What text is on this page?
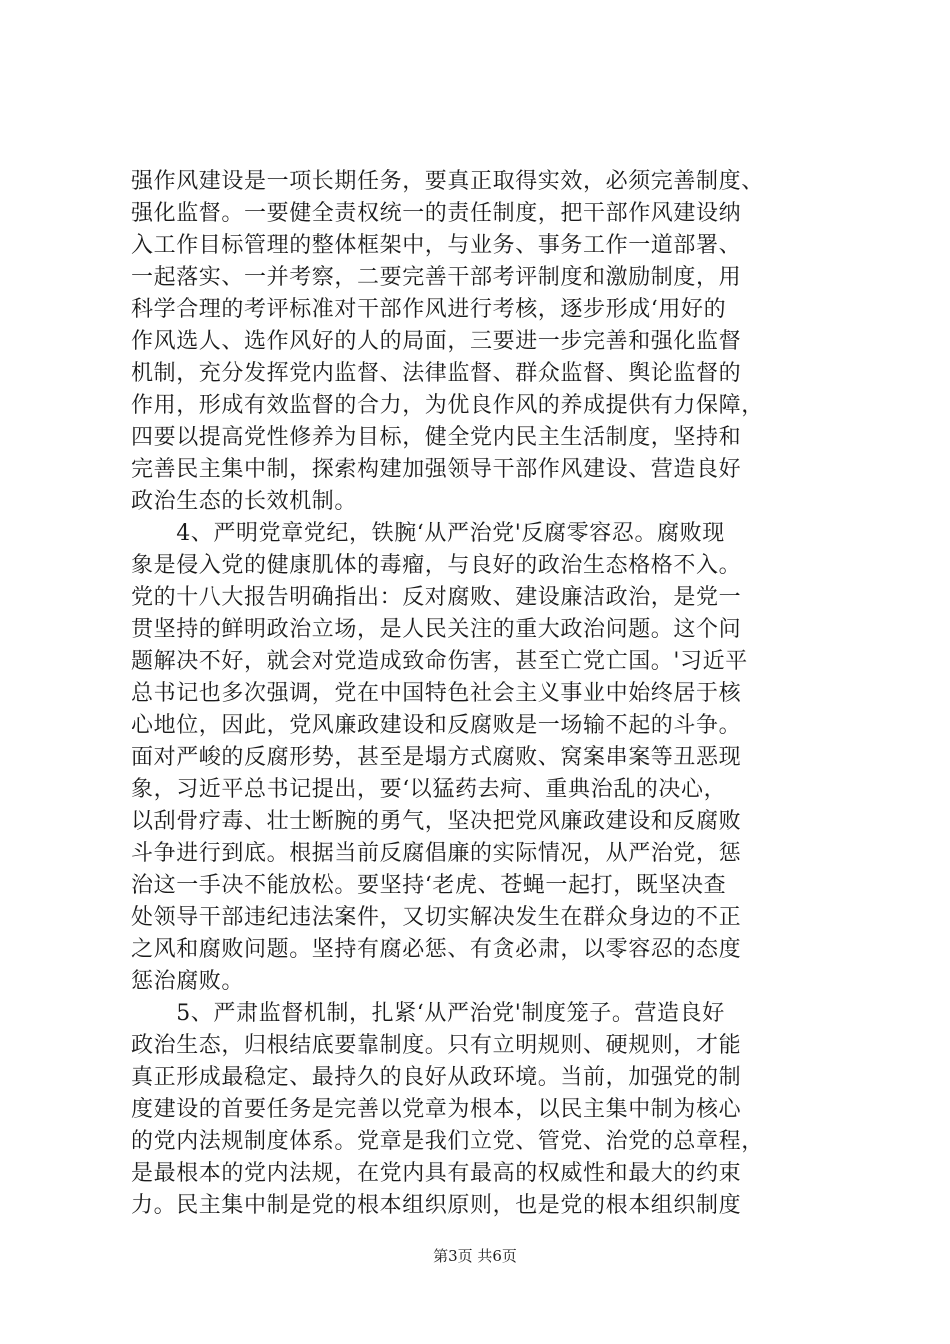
强作风建设是一项长期任务，要真正取得实效，必须完善制度、
强化监督。一要健全责权统一的责任制度，把干部作风建设纳
入工作目标管理的整体框架中，与业务、事务工作一道部署、
一起落实、一并考察，二要完善干部考评制度和激励制度，用
科学合理的考评标准对干部作风进行考核，逐步形成‘用好的
作风选人、选作风好的人的局面，三要进一步完善和强化监督
机制，充分发挥党内监督、法律监督、群众监督、舆论监督的
作用，形成有效监督的合力，为优良作风的养成提供有力保障，
四要以提高党性修养为目标，健全党内民主生活制度，坚持和
完善民主集中制，探索构建加强领导干部作风建设、营造良好
政治生态的长效机制。
　　4、严明党章党纪，铁腕‘从严治党'反腐零容忍。腐败现
象是侵入党的健康肌体的毒瘤，与良好的政治生态格格不入。
党的十八大报告明确指出：反对腐败、建设廉洁政治，是党一
贯坚持的鲜明政治立场，是人民关注的重大政治问题。这个问
题解决不好，就会对党造成致命伤害，甚至亡党亡国。'习近平
总书记也多次强调，党在中国特色社会主义事业中始终居于核
心地位，因此，党风廉政建设和反腐败是一场输不起的斗争。
面对严峻的反腐形势，甚至是塌方式腐败、窝案串案等丑恶现
象，习近平总书记提出，要‘以猛药去疴、重典治乱的决心，
以刮骨疗毒、壮士断腕的勇气，坚决把党风廉政建设和反腐败
斗争进行到底。根据当前反腐倡廉的实际情况，从严治党，惩
治这一手决不能放松。要坚持‘老虎、苍蝇一起打，既坚决查
处领导干部违纪违法案件，又切实解决发生在群众身边的不正
之风和腐败问题。坚持有腐必惩、有贪必肃，以零容忍的态度
惩治腐败。
　　5、严肃监督机制，扎紧‘从严治党'制度笼子。营造良好
政治生态，归根结底要靠制度。只有立明规则、硬规则，才能
真正形成最稳定、最持久的良好从政环境。当前，加强党的制
度建设的首要任务是完善以党章为根本，以民主集中制为核心
的党内法规制度体系。党章是我们立党、管党、治党的总章程，
是最根本的党内法规，在党内具有最高的权威性和最大的约束
力。民主集中制是党的根本组织原则，也是党的根本组织制度
第3页 共6页
